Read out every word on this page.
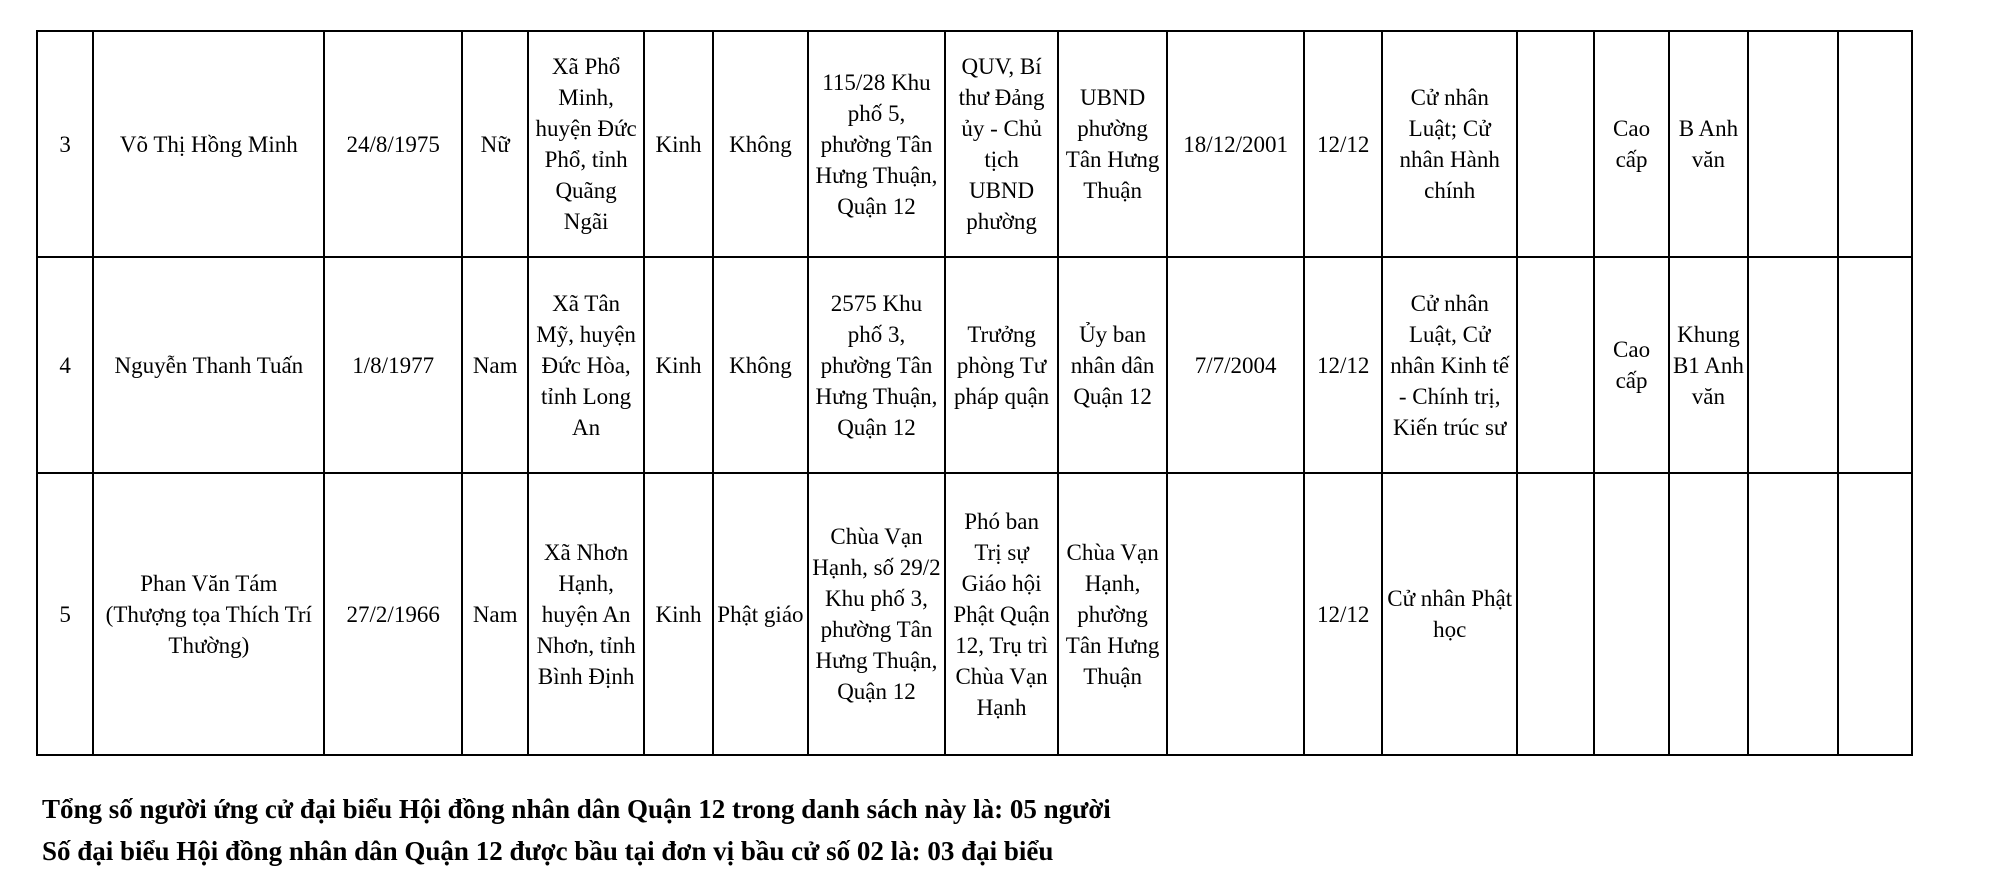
3	Võ Thị Hồng Minh	24/8/1975	Nữ	Xã Phổ Minh, huyện Đức Phổ, tỉnh Quãng Ngãi	Kinh	Không	115/28 Khu phố 5, phường Tân Hưng Thuận, Quận 12	QUV, Bí thư Đảng ủy - Chủ tịch UBND phường	UBND phường Tân Hưng Thuận	18/12/2001	12/12	Cử nhân Luật; Cử nhân Hành chính		Cao cấp	B Anh văn		
4	Nguyễn Thanh Tuấn	1/8/1977	Nam	Xã Tân Mỹ, huyện Đức Hòa, tỉnh Long An	Kinh	Không	2575 Khu phố 3, phường Tân Hưng Thuận, Quận 12	Trưởng phòng Tư pháp quận	Ủy ban nhân dân Quận 12	7/7/2004	12/12	Cử nhân Luật, Cử nhân Kinh tế - Chính trị, Kiến trúc sư		Cao cấp	Khung B1 Anh văn		
5	Phan Văn Tám (Thượng tọa Thích Trí Thường)	27/2/1966	Nam	Xã Nhơn Hạnh, huyện An Nhơn, tỉnh Bình Định	Kinh	Phật giáo	Chùa Vạn Hạnh, số 29/2 Khu phố 3, phường Tân Hưng Thuận, Quận 12	Phó ban Trị sự Giáo hội Phật Quận 12, Trụ trì Chùa Vạn Hạnh	Chùa Vạn Hạnh, phường Tân Hưng Thuận		12/12	Cử nhân Phật học					
Tổng số người ứng cử đại biểu Hội đồng nhân dân Quận 12 trong danh sách này là: 05 người
Số đại biểu Hội đồng nhân dân Quận 12 được bầu tại đơn vị bầu cử số 02 là: 03 đại biểu
